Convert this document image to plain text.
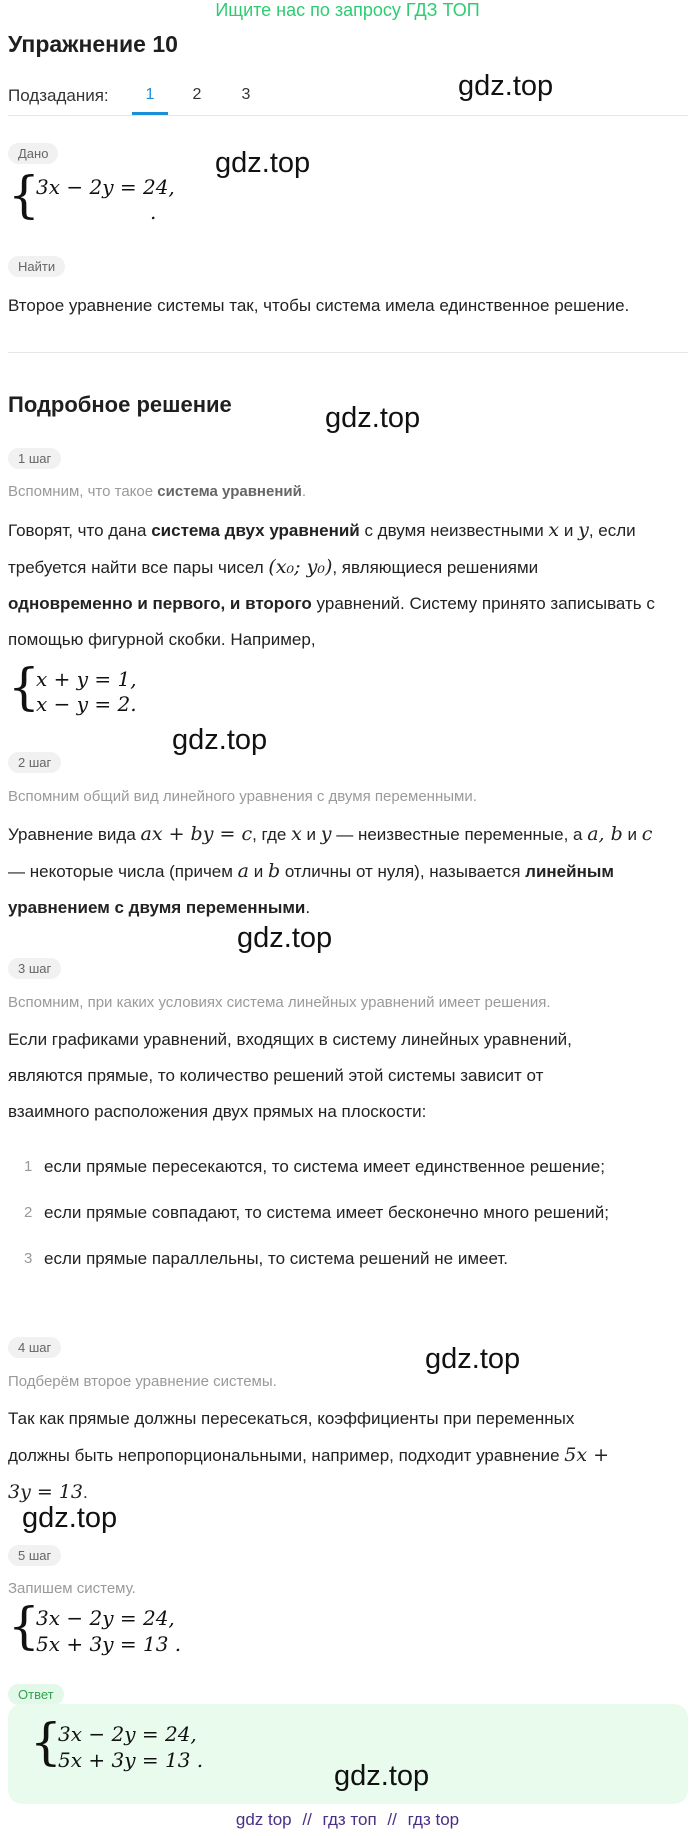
Ищите нас по запросу ГДЗ ТОП
Упражнение 10
Подзадания:	1	2	3	gdz.top
Дано
{
3x − 2y = 24,
.
gdz.top
Найти
Второе уравнение системы так, чтобы система имела единственное решение.
Подробное решение	gdz.top
1 шаг
Вспомним, что такое система уравнений.
Говорят, что дана система двух уравнений с двумя неизвестными x и y, если
требуется найти все пары чисел (x₀; y₀), являющиеся решениями
одновременно и первого, и второго уравнений. Систему принято записывать с
помощью фигурной скобки. Например,
{
x + y = 1,
x − y = 2.
gdz.top
2 шаг
Вспомним общий вид линейного уравнения с двумя переменными.
Уравнение вида ax + by = c, где x и y — неизвестные переменные, а a, b и c
— некоторые числа (причем a и b отличны от нуля), называется линейным
уравнением с двумя переменными.
gdz.top
3 шаг
Вспомним, при каких условиях система линейных уравнений имеет решения.
Если графиками уравнений, входящих в систему линейных уравнений,
являются прямые, то количество решений этой системы зависит от
взаимного расположения двух прямых на плоскости:
1 если прямые пересекаются, то система имеет единственное решение;
2 если прямые совпадают, то система имеет бесконечно много решений;
3 если прямые параллельны, то система решений не имеет.
4 шаг	gdz.top
Подберём второе уравнение системы.
Так как прямые должны пересекаться, коэффициенты при переменных
должны быть непропорциональными, например, подходит уравнение 5x +
3y = 13.
gdz.top
5 шаг
Запишем систему.
{
3x − 2y = 24,
5x + 3y = 13 .
Ответ
{
3x − 2y = 24,
5x + 3y = 13 .	gdz.top
gdz top // гдз топ // гдз top
